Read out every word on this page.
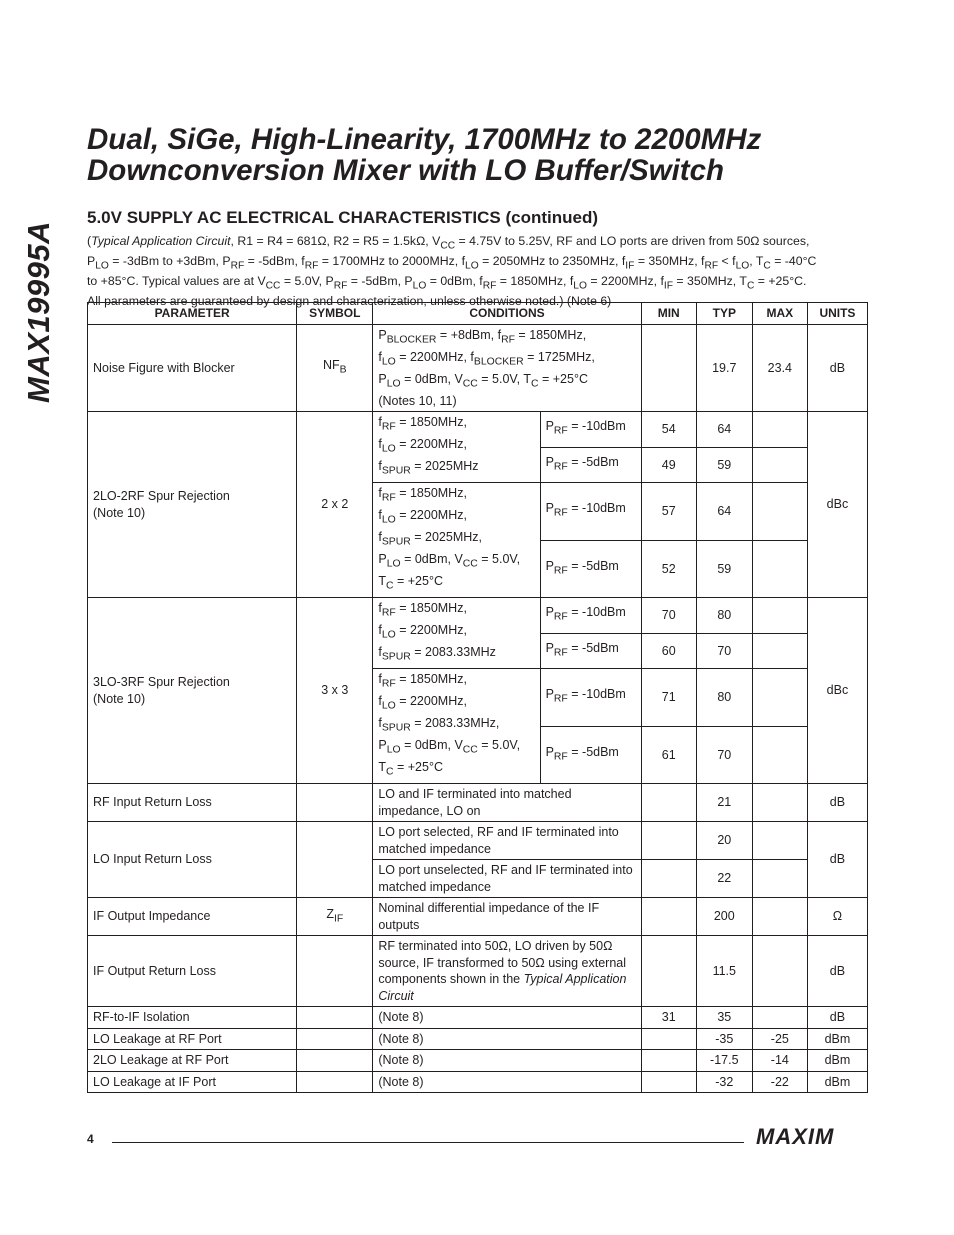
MAX19995A
Dual, SiGe, High-Linearity, 1700MHz to 2200MHz
Downconversion Mixer with LO Buffer/Switch
5.0V SUPPLY AC ELECTRICAL CHARACTERISTICS (continued)
(Typical Application Circuit, R1 = R4 = 681Ω, R2 = R5 = 1.5kΩ, $V_{CC} = 4.75V$ to 5.25V, RF and LO ports are driven from 50Ω sources,
$P_{LO} = -3dBm$ to +3dBm, $P_{RF} = -5dBm$, $f_{RF} = 1700MHz$ to 2000MHz, $f_{LO} = 2050MHz$ to 2350MHz, $f_{IF} = 350MHz$, $f_{RF} < f_{LO}$, $T_C = -40^\circ C$
to +85°C. Typical values are at $V_{CC} = 5.0V$, $P_{RF} = -5dBm$, $P_{LO} = 0dBm$, $f_{RF} = 1850MHz$, $f_{LO} = 2200MHz$, $f_{IF} = 350MHz$, $T_C = +25^\circ C$.
All parameters are guaranteed by design and characterization, unless otherwise noted.) (Note 6)
PARAMETER	SYMBOL	CONDITIONS		MIN	TYP	MAX	UNITS
Noise Figure with Blocker	$NF_B$	$P_{BLOCKER} = +8dBm$, $f_{RF} = 1850MHz$,
$f_{LO} = 2200MHz$, $f_{BLOCKER} = 1725MHz$,
$P_{LO} = 0dBm$, $V_{CC} = 5.0V$, $T_C = +25^\circ C$
(Notes 10, 11)			19.7	23.4	dB
2LO-2RF Spur Rejection
(Note 10)	2 x 2	$f_{RF} = 1850MHz$,
$f_{LO} = 2200MHz$,
$f_{SPUR} = 2025MHz$	$P_{RF} = -10dBm$	54	64		dBc
			$P_{RF} = -5dBm$	49	59		
		$f_{RF} = 1850MHz$,
$f_{LO} = 2200MHz$,
$f_{SPUR} = 2025MHz$,
$P_{LO} = 0dBm$, $V_{CC} = 5.0V$,
$T_C = +25^\circ C$	$P_{RF} = -10dBm$	57	64		
			$P_{RF} = -5dBm$	52	59		
3LO-3RF Spur Rejection
(Note 10)	3 x 3	$f_{RF} = 1850MHz$,
$f_{LO} = 2200MHz$,
$f_{SPUR} = 2083.33MHz$	$P_{RF} = -10dBm$	70	80		dBc
			$P_{RF} = -5dBm$	60	70		
		$f_{RF} = 1850MHz$,
$f_{LO} = 2200MHz$,
$f_{SPUR} = 2083.33MHz$,
$P_{LO} = 0dBm$, $V_{CC} = 5.0V$,
$T_C = +25^\circ C$	$P_{RF} = -10dBm$	71	80		
			$P_{RF} = -5dBm$	61	70		
RF Input Return Loss		LO and IF terminated into matched impedance, LO on			21		dB
LO Input Return Loss		LO port selected, RF and IF terminated into matched impedance			20		dB
		LO port unselected, RF and IF terminated into matched impedance			22		
IF Output Impedance	$Z_{IF}$	Nominal differential impedance of the IF outputs			200		Ω
IF Output Return Loss		RF terminated into 50Ω, LO driven by 50Ω source, IF transformed to 50Ω using external components shown in the Typical Application Circuit			11.5		dB
RF-to-IF Isolation		(Note 8)		31	35		dB
LO Leakage at RF Port		(Note 8)			-35	-25	dBm
2LO Leakage at RF Port		(Note 8)			-17.5	-14	dBm
LO Leakage at IF Port		(Note 8)			-32	-22	dBm
4	MAXIM
